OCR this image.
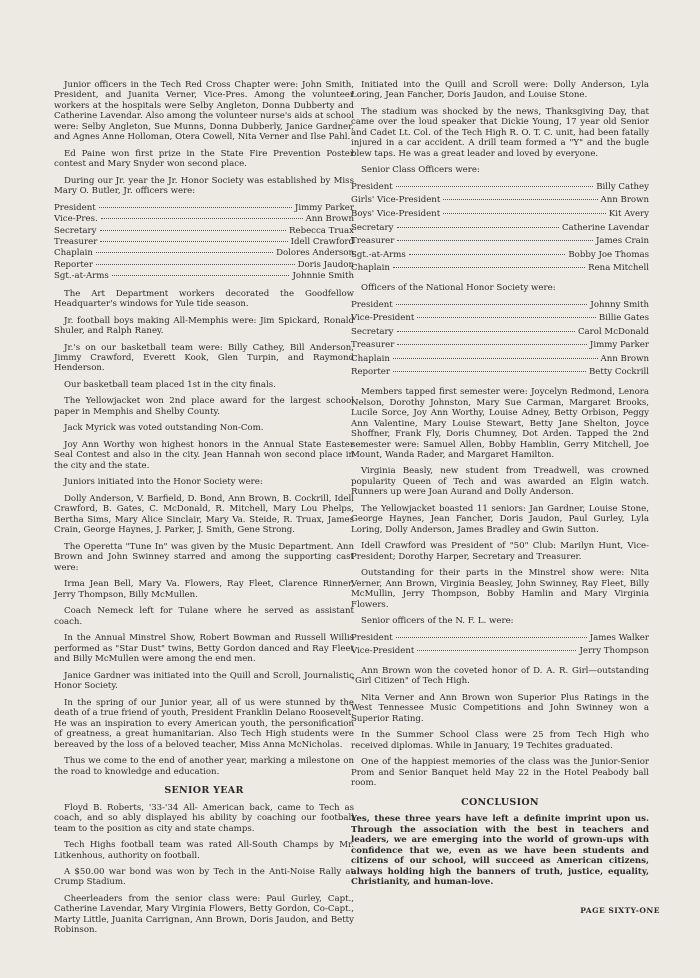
Junior officers in the Tech Red Cross Chapter were: John Smith, President, and Juanita Verner, Vice-Pres. Among the volunteer workers at the hospitals were Selby Angleton, Donna Dubberty and Catherine Lavendar. Also among the volunteer nurse's aids at school were: Selby Angleton, Sue Munns, Donna Dubberly, Janice Gardner, and Agnes Anne Holloman, Otera Cowell, Nita Verner and Ilse Pahl.

Ed Paine won first prize in the State Fire Prevention Poster contest and Mary Snyder won second place.

During our Jr. year the Jr. Honor Society was established by Miss Mary O. Butler, Jr. officers were:

President	Jimmy Parker
Vice-Pres.	Ann Brown
Secretary	Rebecca Truax
Treasurer	Idell Crawford
Chaplain	Dolores Anderson
Reporter	Doris Jaudon
Sgt.-at-Arms	Johnnie Smith

The Art Department workers decorated the Goodfellow Headquarter's windows for Yule tide season.

Jr. football boys making All-Memphis were: Jim Spickard, Ronald Shuler, and Ralph Raney.

Jr.'s on our basketball team were: Billy Cathey, Bill Anderson, Jimmy Crawford, Everett Kook, Glen Turpin, and Raymond Henderson.

Our basketball team placed 1st in the city finals.

The Yellowjacket won 2nd place award for the largest school paper in Memphis and Shelby County.

Jack Myrick was voted outstanding Non-Com.

Joy Ann Worthy won highest honors in the Annual State Easter Seal Contest and also in the city. Jean Hannah won second place in the city and the state.

Juniors initiated into the Honor Society were:

Dolly Anderson, V. Barfield, D. Bond, Ann Brown, B. Cockrill, Idell Crawford, B. Gates, C. McDonald, R. Mitchell, Mary Lou Phelps, Bertha Sims, Mary Alice Sinclair, Mary Va. Steide, R. Truax, James Crain, George Haynes, J. Parker, J. Smith, Gene Strong.

The Operetta "Tune In" was given by the Music Department. Ann Brown and John Swinney starred and among the supporting cast were:

Irma Jean Bell, Mary Va. Flowers, Ray Fleet, Clarence Rinner, Jerry Thompson, Billy McMullen.

Coach Nemeck left for Tulane where he served as assistant coach.

In the Annual Minstrel Show, Robert Bowman and Russell Willis performed as "Star Dust" twins, Betty Gordon danced and Ray Fleet and Billy McMullen were among the end men.

Janice Gardner was initiated into the Quill and Scroll, Journalistic Honor Society.

In the spring of our Junior year, all of us were stunned by the death of a true friend of youth, President Franklin Delano Roosevelt. He was an inspiration to every American youth, the personification of greatness, a great humanitarian. Also Tech High students were bereaved by the loss of a beloved teacher, Miss Anna McNicholas.

Thus we come to the end of another year, marking a milestone on the road to knowledge and education.

SENIOR YEAR

Floyd B. Roberts, '33-'34 All- American back, came to Tech as coach, and so ably displayed his ability by coaching our football team to the position as city and state champs.

Tech Highs football team was rated All-South Champs by Mr. Litkenhous, authority on football.

A $50.00 war bond was won by Tech in the Anti-Noise Rally at Crump Stadium.

Cheerleaders from the senior class were: Paul Gurley, Capt., Catherine Lavendar, Mary Virginia Flowers, Betty Gordon, Co-Capt., Marty Little, Juanita Carrignan, Ann Brown, Doris Jaudon, and Betty Robinson.

Initiated into the Quill and Scroll were: Dolly Anderson, Lyla Loring, Jean Fancher, Doris Jaudon, and Louise Stone.

The stadium was shocked by the news, Thanksgiving Day, that came over the loud speaker that Dickie Young, 17 year old Senior and Cadet Lt. Col. of the Tech High R. O. T. C. unit, had been fatally injured in a car accident. A drill team formed a "Y" and the bugle blew taps. He was a great leader and loved by everyone.

Senior Class Officers were:

President	Billy Cathey
Girls' Vice-President	Ann Brown
Boys' Vice-President	Kit Avery
Secretary	Catherine Lavendar
Treasurer	James Crain
Sgt.-at-Arms	Bobby Joe Thomas
Chaplain	Rena Mitchell

Officers of the National Honor Society were:

President	Johnny Smith
Vice-President	Billie Gates
Secretary	Carol McDonald
Treasurer	Jimmy Parker
Chaplain	Ann Brown
Reporter	Betty Cockrill

Members tapped first semester were: Joycelyn Redmond, Lenora Nelson, Dorothy Johnston, Mary Sue Carman, Margaret Brooks, Lucile Sorce, Joy Ann Worthy, Louise Adney, Betty Orbison, Peggy Ann Valentine, Mary Louise Stewart, Betty Jane Shelton, Joyce Shoffner, Frank Fly, Doris Chumney, Dot Arden. Tapped the 2nd semester were: Samuel Allen, Bobby Hamblin, Gerry Mitchell, Joe Mount, Wanda Rader, and Margaret Hamilton.

Virginia Beasly, new student from Treadwell, was crowned popularity Queen of Tech and was awarded an Elgin watch. Runners up were Joan Aurand and Dolly Anderson.

The Yellowjacket boasted 11 seniors: Jan Gardner, Louise Stone, George Haynes, Jean Fancher, Doris Jaudon, Paul Gurley, Lyla Loring, Dolly Anderson, James Bradley and Gwin Sutton.

Idell Crawford was President of "50" Club: Marilyn Hunt, Vice-President; Dorothy Harper, Secretary and Treasurer.

Outstanding for their parts in the Minstrel show were: Nita Verner, Ann Brown, Virginia Beasley, John Swinney, Ray Fleet, Billy McMullin, Jerry Thompson, Bobby Hamlin and Mary Virginia Flowers.

Senior officers of the N. F. L. were:

President	James Walker
Vice-President	Jerry Thompson

Ann Brown won the coveted honor of D. A. R. Girl—outstanding "Girl Citizen" of Tech High.

Nita Verner and Ann Brown won Superior Plus Ratings in the West Tennessee Music Competitions and John Swinney won a Superior Rating.

In the Summer School Class were 25 from Tech High who received diplomas. While in January, 19 Techites graduated.

One of the happiest memories of the class was the Junior-Senior Prom and Senior Banquet held May 22 in the Hotel Peabody ball room.

CONCLUSION

Yes, these three years have left a definite imprint upon us. Through the association with the best in teachers and leaders, we are emerging into the world of grown-ups with confidence that we, even as we have been students and citizens of our school, will succeed as American citizens, always holding high the banners of truth, justice, equality, Christianity, and human-love.

PAGE SIXTY-ONE
